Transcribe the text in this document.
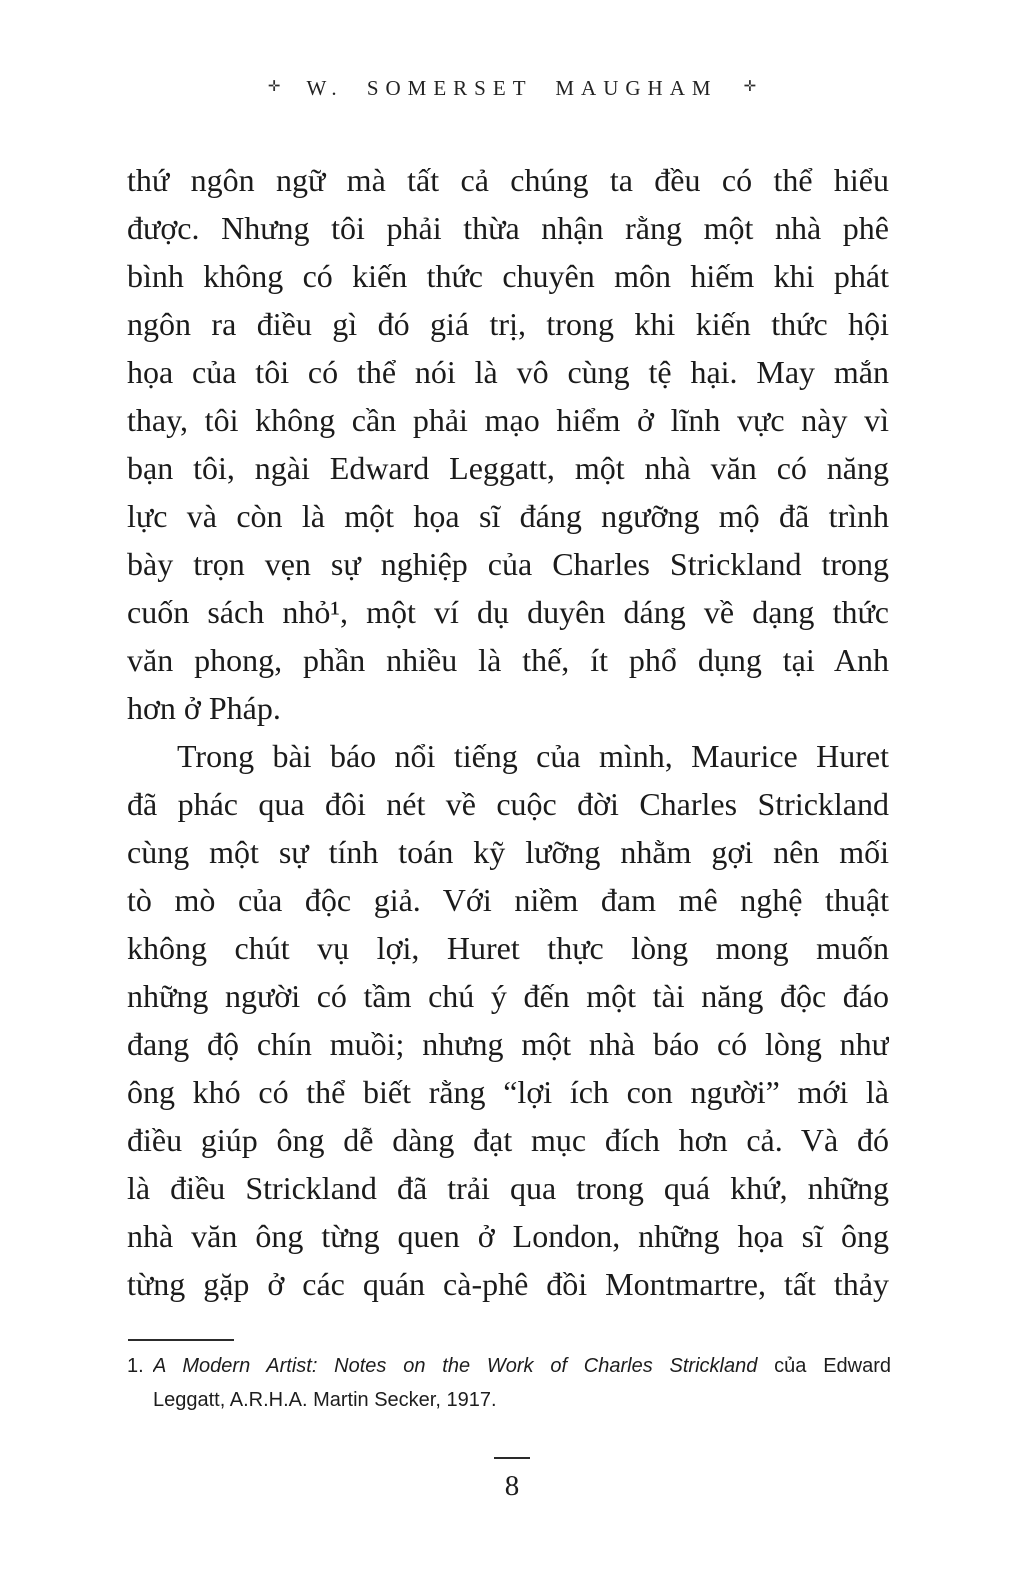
✛ W. SOMERSET MAUGHAM ✛
thứ ngôn ngữ mà tất cả chúng ta đều có thể hiểu
được. Nhưng tôi phải thừa nhận rằng một nhà phê
bình không có kiến thức chuyên môn hiếm khi phát
ngôn ra điều gì đó giá trị, trong khi kiến thức hội
họa của tôi có thể nói là vô cùng tệ hại. May mắn
thay, tôi không cần phải mạo hiểm ở lĩnh vực này vì
bạn tôi, ngài Edward Leggatt, một nhà văn có năng
lực và còn là một họa sĩ đáng ngưỡng mộ đã trình
bày trọn vẹn sự nghiệp của Charles Strickland trong
cuốn sách nhỏ¹, một ví dụ duyên dáng về dạng thức
văn phong, phần nhiều là thế, ít phổ dụng tại Anh
hơn ở Pháp.
Trong bài báo nổi tiếng của mình, Maurice Huret
đã phác qua đôi nét về cuộc đời Charles Strickland
cùng một sự tính toán kỹ lưỡng nhằm gợi nên mối
tò mò của độc giả. Với niềm đam mê nghệ thuật
không chút vụ lợi, Huret thực lòng mong muốn
những người có tầm chú ý đến một tài năng độc đáo
đang độ chín muồi; nhưng một nhà báo có lòng như
ông khó có thể biết rằng “lợi ích con người” mới là
điều giúp ông dễ dàng đạt mục đích hơn cả. Và đó
là điều Strickland đã trải qua trong quá khứ, những
nhà văn ông từng quen ở London, những họa sĩ ông
từng gặp ở các quán cà-phê đồi Montmartre, tất thảy
1. A Modern Artist: Notes on the Work of Charles Strickland của Edward
Leggatt, A.R.H.A. Martin Secker, 1917.
8
